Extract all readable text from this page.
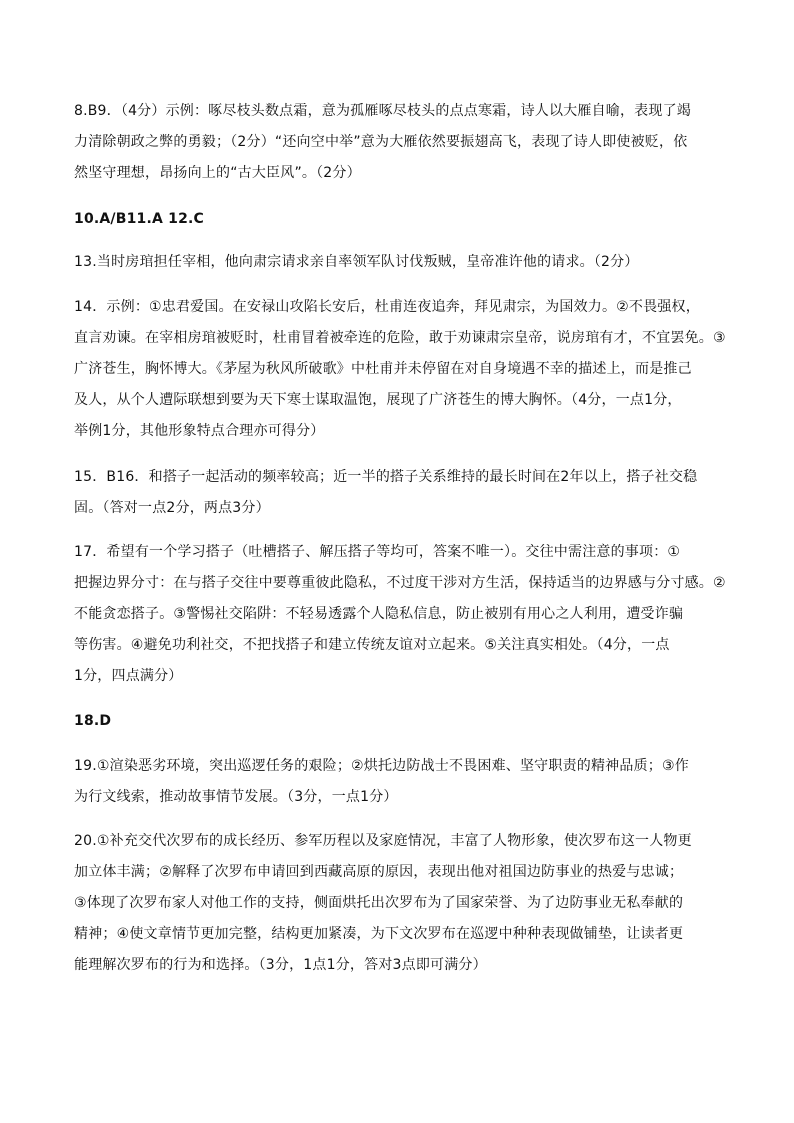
8.B9．（4分）示例：啄尽枝头数点霜，意为孤雁啄尽枝头的点点寒霜，诗人以大雁自喻，表现了竭
力清除朝政之弊的勇毅；（2分）“还向空中举”意为大雁依然要振翅高飞，表现了诗人即使被贬，依
然坚守理想，昂扬向上的“古大臣风”。（2分）
10.A/B11.A 12.C
13.当时房琯担任宰相，他向肃宗请求亲自率领军队讨伐叛贼，皇帝准许他的请求。（2分）
14．示例：①忠君爱国。在安禄山攻陷长安后，杜甫连夜追奔，拜见肃宗，为国效力。②不畏强权，
直言劝谏。在宰相房琯被贬时，杜甫冒着被牵连的危险，敢于劝谏肃宗皇帝，说房琯有才，不宜罢免。③
广济苍生，胸怀博大。《茅屋为秋风所破歌》中杜甫并未停留在对自身境遇不幸的描述上，而是推己
及人，从个人遭际联想到要为天下寒士谋取温饱，展现了广济苍生的博大胸怀。（4分，一点1分，
举例1分，其他形象特点合理亦可得分）
15．B16．和搭子一起活动的频率较高；近一半的搭子关系维持的最长时间在2年以上，搭子社交稳
固。（答对一点2分，两点3分）
17．希望有一个学习搭子（吐槽搭子、解压搭子等均可，答案不唯一）。交往中需注意的事项：①
把握边界分寸：在与搭子交往中要尊重彼此隐私，不过度干涉对方生活，保持适当的边界感与分寸感。②
不能贪恋搭子。③警惕社交陷阱：不轻易透露个人隐私信息，防止被别有用心之人利用，遭受诈骗
等伤害。④避免功利社交，不把找搭子和建立传统友谊对立起来。⑤关注真实相处。（4分，一点
1分，四点满分）
18.D
19.①渲染恶劣环境，突出巡逻任务的艰险；②烘托边防战士不畏困难、坚守职责的精神品质；③作
为行文线索，推动故事情节发展。（3分，一点1分）
20.①补充交代次罗布的成长经历、参军历程以及家庭情况，丰富了人物形象，使次罗布这一人物更
加立体丰满；②解释了次罗布申请回到西藏高原的原因，表现出他对祖国边防事业的热爱与忠诚；
③体现了次罗布家人对他工作的支持，侧面烘托出次罗布为了国家荣誉、为了边防事业无私奉献的
精神；④使文章情节更加完整，结构更加紧凑，为下文次罗布在巡逻中种种表现做铺垫，让读者更
能理解次罗布的行为和选择。（3分，1点1分，答对3点即可满分）
